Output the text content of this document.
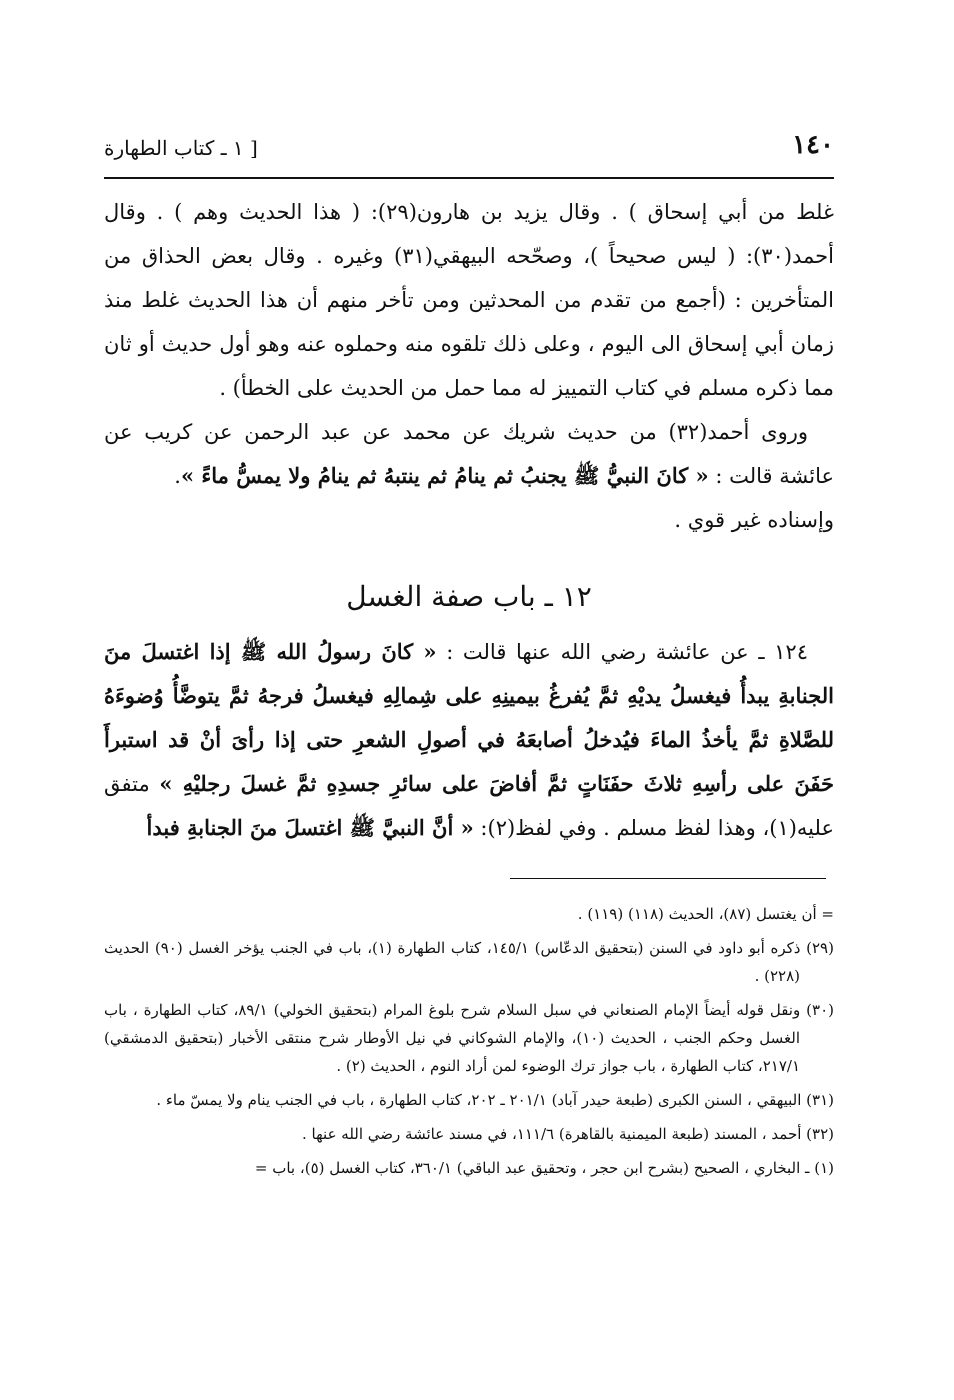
١٤٠
[ ١ ـ كتاب الطهارة

غلط من أبي إسحاق ) . وقال يزيد بن هارون(٢٩): ( هذا الحديث وهم ) . وقال أحمد(٣٠): ( ليس صحيحاً )، وصحّحه البيهقي(٣١) وغيره . وقال بعض الحذاق من المتأخرين : (أجمع من تقدم من المحدثين ومن تأخر منهم أن هذا الحديث غلط منذ زمان أبي إسحاق الى اليوم ، وعلى ذلك تلقوه منه وحملوه عنه وهو أول حديث أو ثان مما ذكره مسلم في كتاب التمييز له مما حمل من الحديث على الخطأ) .

وروى أحمد(٣٢) من حديث شريك عن محمد عن عبد الرحمن عن كريب عن عائشة قالت : « كانَ النبيُّ ﷺ يجنبُ ثم ينامُ ثم ينتبهُ ثم ينامُ ولا يمسُّ ماءً ».

وإسناده غير قوي .

١٢ ـ باب صفة الغسل

١٢٤ ـ عن عائشة رضي الله عنها قالت : « كانَ رسولُ الله ﷺ إذا اغتسلَ منَ الجنابةِ يبدأُ فيغسلُ يديْهِ ثمَّ يُفرغُ بيمينِهِ على شِمالِهِ فيغسلُ فرجهُ ثمَّ يتوضَّأُ وُضوءَهُ للصَّلاةِ ثمَّ يأخذُ الماءَ فيُدخلُ أصابعَهُ في أصولِ الشعرِ حتى إذا رأىَ أنْ قد استبرأَ حَفَنَ على رأسِهِ ثلاثَ حفَنَاتٍ ثمَّ أفاضَ على سائرِ جسدِهِ ثمَّ غسلَ رجليْهِ » متفق عليه(١)، وهذا لفظ مسلم . وفي لفظ(٢): « أنَّ النبيَّ ﷺ اغتسلَ منَ الجنابةِ فبدأ

= أن يغتسل (٨٧)، الحديث (١١٨) (١١٩) .

(٢٩) ذكره أبو داود في السنن (بتحقيق الدعّاس) ١٤٥/١، كتاب الطهارة (١)، باب في الجنب يؤخر الغسل (٩٠) الحديث (٢٢٨) .

(٣٠) ونقل قوله أيضاً الإمام الصنعاني في سبل السلام شرح بلوغ المرام (بتحقيق الخولي) ٨٩/١، كتاب الطهارة ، باب الغسل وحكم الجنب ، الحديث (١٠)، والإمام الشوكاني في نيل الأوطار شرح منتقى الأخبار (بتحقيق الدمشقي) ٢١٧/١، كتاب الطهارة ، باب جواز ترك الوضوء لمن أراد النوم ، الحديث (٢) .

(٣١) البيهقي ، السنن الكبرى (طبعة حيدر آباد) ٢٠١/١ ـ ٢٠٢، كتاب الطهارة ، باب في الجنب ينام ولا يمسّ ماء .

(٣٢) أحمد ، المسند (طبعة الميمنية بالقاهرة) ١١١/٦، في مسند عائشة رضي الله عنها .

(١) ـ البخاري ، الصحيح (بشرح ابن حجر ، وتحقيق عبد الباقي) ٣٦٠/١، كتاب الغسل (٥)، باب =
